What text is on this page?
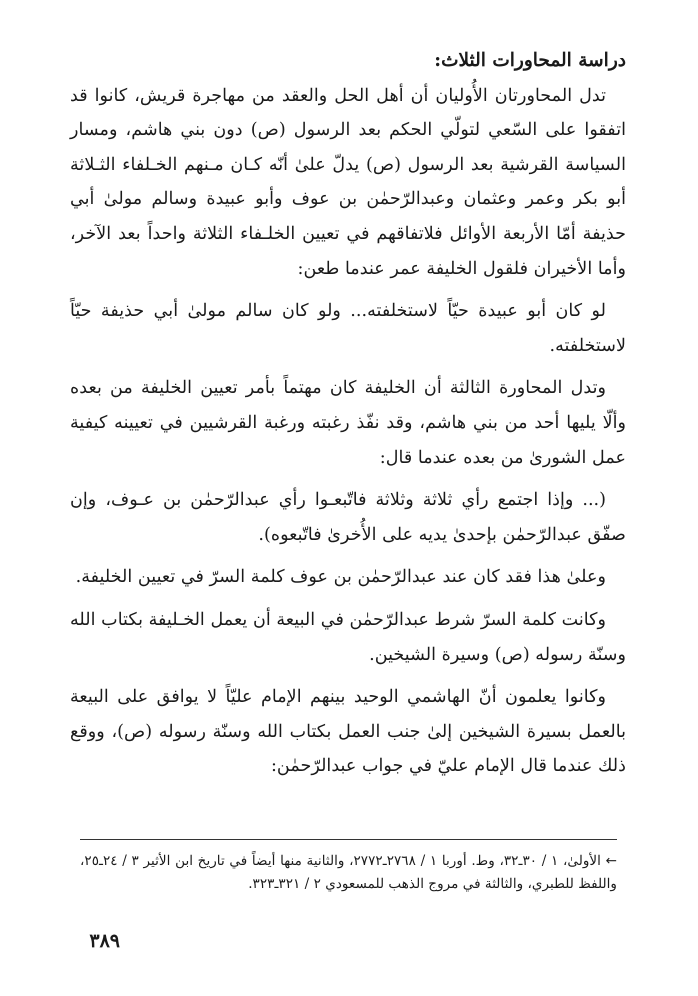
دراسة المحاورات الثلاث:

تدل المحاورتان الأُوليان أن أهل الحل والعقد من مهاجرة قريش، كانوا قد اتفقوا على السّعي لتولّي الحكم بعد الرسول (ص) دون بني هاشم، ومسار السياسة القرشية بعد الرسول (ص) يدلّ علىٰ أنّه كـان مـنهم الخـلفاء الثـلاثة أبو بكر وعمر وعثمان وعبدالرّحمٰن بن عوف وأبو عبيدة وسالم مولىٰ أبي حذيفة أمّا الأربعة الأوائل فلاتفاقهم في تعيين الخلـفاء الثلاثة واحداً بعد الآخر، وأما الأخيران فلقول الخليفة عمر عندما طعن:

لو كان أبو عبيدة حيّاً لاستخلفته... ولو كان سالم مولىٰ أبي حذيفة حيّاً لاستخلفته.

وتدل المحاورة الثالثة أن الخليفة كان مهتماً بأمر تعيين الخليفة من بعده وألّا يليها أحد من بني هاشم، وقد نفّذ رغبته ورغبة القرشيين في تعيينه كيفية عمل الشورىٰ من بعده عندما قال:

(... وإذا اجتمع رأي ثلاثة وثلاثة فاتّبعـوا رأي عبدالرّحمٰن بن عـوف، وإن صفّق عبدالرّحمٰن بإحدىٰ يديه على الأُخرىٰ فاتّبعوه).

وعلىٰ هذا فقد كان عند عبدالرّحمٰن بن عوف كلمة السرّ في تعيين الخليفة.

وكانت كلمة السرّ شرط عبدالرّحمٰن في البيعة أن يعمل الخـليفة بكتاب الله وسنّة رسوله (ص) وسيرة الشيخين.

وكانوا يعلمون أنّ الهاشمي الوحيد بينهم الإمام عليّاً لا يوافق على البيعة بالعمل بسيرة الشيخين إلىٰ جنب العمل بكتاب الله وسنّة رسوله (ص)، ووقع ذلك عندما قال الإمام عليّ في جواب عبدالرّحمٰن:

← الأولىٰ، ١ / ٣٠ـ٣٢، وط. أوربا ١ / ٢٧٦٨ـ٢٧٧٢، والثانية منها أيضاً في تاريخ ابن الأثير ٣ / ٢٤ـ٢٥، واللفظ للطبري، والثالثة في مروج الذهب للمسعودي ٢ / ٣٢١ـ٣٢٣.
٣٨٩
